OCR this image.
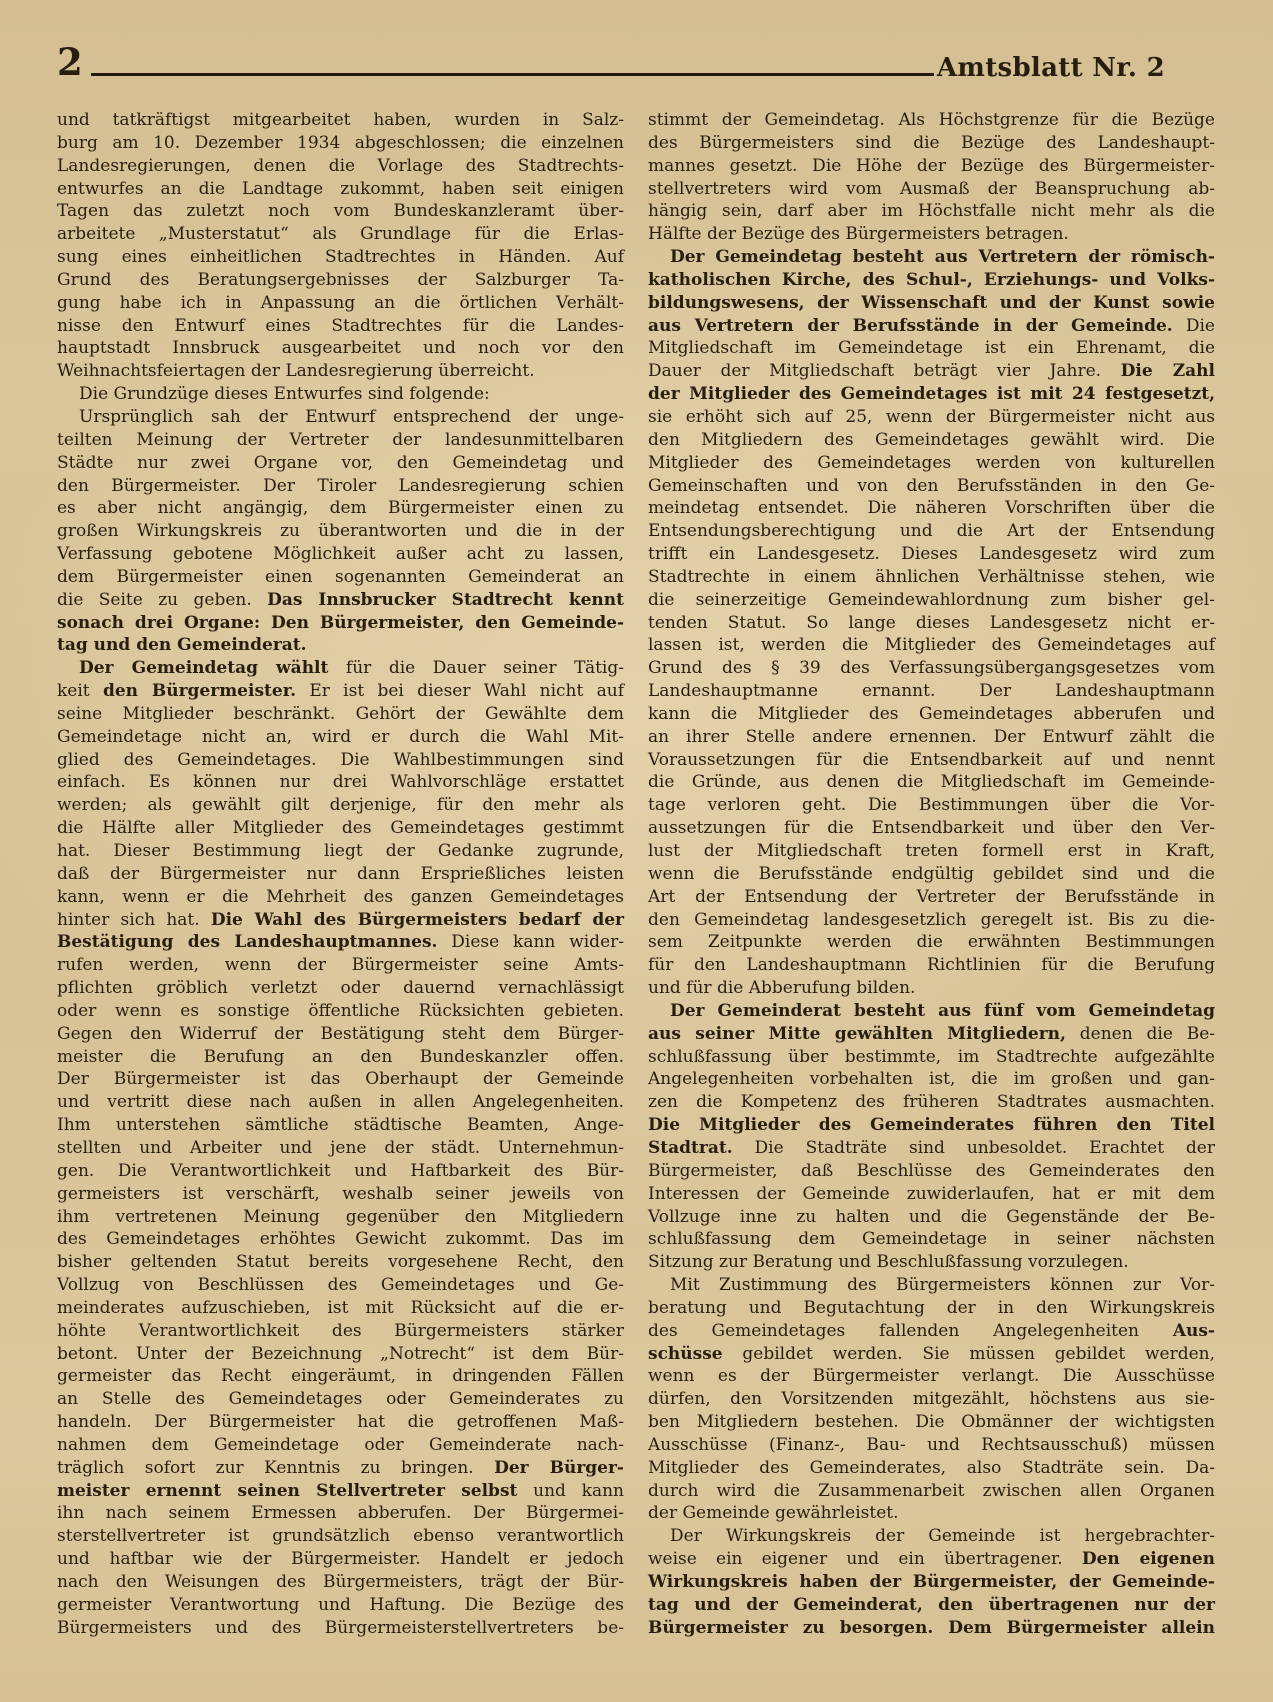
2	Amtsblatt Nr. 2
und tatkräftigst mitgearbeitet haben, wurden in Salz-
burg am 10. Dezember 1934 abgeschlossen; die einzelnen
Landesregierungen, denen die Vorlage des Stadtrechts-
entwurfes an die Landtage zukommt, haben seit einigen
Tagen das zuletzt noch vom Bundeskanzleramt über-
arbeitete „Musterstatut“ als Grundlage für die Erlas-
sung eines einheitlichen Stadtrechtes in Händen. Auf
Grund des Beratungsergebnisses der Salzburger Ta-
gung habe ich in Anpassung an die örtlichen Verhält-
nisse den Entwurf eines Stadtrechtes für die Landes-
hauptstadt Innsbruck ausgearbeitet und noch vor den
Weihnachtsfeiertagen der Landesregierung überreicht.
Die Grundzüge dieses Entwurfes sind folgende:
Ursprünglich sah der Entwurf entsprechend der unge-
teilten Meinung der Vertreter der landesunmittelbaren
Städte nur zwei Organe vor, den Gemeindetag und
den Bürgermeister. Der Tiroler Landesregierung schien
es aber nicht angängig, dem Bürgermeister einen zu
großen Wirkungskreis zu überantworten und die in der
Verfassung gebotene Möglichkeit außer acht zu lassen,
dem Bürgermeister einen sogenannten Gemeinderat an
die Seite zu geben. Das Innsbrucker Stadtrecht kennt
sonach drei Organe: Den Bürgermeister, den Gemeinde-
tag und den Gemeinderat.
Der Gemeindetag wählt für die Dauer seiner Tätig-
keit den Bürgermeister. Er ist bei dieser Wahl nicht auf
seine Mitglieder beschränkt. Gehört der Gewählte dem
Gemeindetage nicht an, wird er durch die Wahl Mit-
glied des Gemeindetages. Die Wahlbestimmungen sind
einfach. Es können nur drei Wahlvorschläge erstattet
werden; als gewählt gilt derjenige, für den mehr als
die Hälfte aller Mitglieder des Gemeindetages gestimmt
hat. Dieser Bestimmung liegt der Gedanke zugrunde,
daß der Bürgermeister nur dann Ersprießliches leisten
kann, wenn er die Mehrheit des ganzen Gemeindetages
hinter sich hat. Die Wahl des Bürgermeisters bedarf der
Bestätigung des Landeshauptmannes. Diese kann wider-
rufen werden, wenn der Bürgermeister seine Amts-
pflichten gröblich verletzt oder dauernd vernachlässigt
oder wenn es sonstige öffentliche Rücksichten gebieten.
Gegen den Widerruf der Bestätigung steht dem Bürger-
meister die Berufung an den Bundeskanzler offen.
Der Bürgermeister ist das Oberhaupt der Gemeinde
und vertritt diese nach außen in allen Angelegenheiten.
Ihm unterstehen sämtliche städtische Beamten, Ange-
stellten und Arbeiter und jene der städt. Unternehmun-
gen. Die Verantwortlichkeit und Haftbarkeit des Bür-
germeisters ist verschärft, weshalb seiner jeweils von
ihm vertretenen Meinung gegenüber den Mitgliedern
des Gemeindetages erhöhtes Gewicht zukommt. Das im
bisher geltenden Statut bereits vorgesehene Recht, den
Vollzug von Beschlüssen des Gemeindetages und Ge-
meinderates aufzuschieben, ist mit Rücksicht auf die er-
höhte Verantwortlichkeit des Bürgermeisters stärker
betont. Unter der Bezeichnung „Notrecht“ ist dem Bür-
germeister das Recht eingeräumt, in dringenden Fällen
an Stelle des Gemeindetages oder Gemeinderates zu
handeln. Der Bürgermeister hat die getroffenen Maß-
nahmen dem Gemeindetage oder Gemeinderate nach-
träglich sofort zur Kenntnis zu bringen. Der Bürger-
meister ernennt seinen Stellvertreter selbst und kann
ihn nach seinem Ermessen abberufen. Der Bürgermei-
sterstellvertreter ist grundsätzlich ebenso verantwortlich
und haftbar wie der Bürgermeister. Handelt er jedoch
nach den Weisungen des Bürgermeisters, trägt der Bür-
germeister Verantwortung und Haftung. Die Bezüge des
Bürgermeisters und des Bürgermeisterstellvertreters be-
stimmt der Gemeindetag. Als Höchstgrenze für die Bezüge
des Bürgermeisters sind die Bezüge des Landeshaupt-
mannes gesetzt. Die Höhe der Bezüge des Bürgermeister-
stellvertreters wird vom Ausmaß der Beanspruchung ab-
hängig sein, darf aber im Höchstfalle nicht mehr als die
Hälfte der Bezüge des Bürgermeisters betragen.
Der Gemeindetag besteht aus Vertretern der römisch-
katholischen Kirche, des Schul-, Erziehungs- und Volks-
bildungswesens, der Wissenschaft und der Kunst sowie
aus Vertretern der Berufsstände in der Gemeinde. Die
Mitgliedschaft im Gemeindetage ist ein Ehrenamt, die
Dauer der Mitgliedschaft beträgt vier Jahre. Die Zahl
der Mitglieder des Gemeindetages ist mit 24 festgesetzt,
sie erhöht sich auf 25, wenn der Bürgermeister nicht aus
den Mitgliedern des Gemeindetages gewählt wird. Die
Mitglieder des Gemeindetages werden von kulturellen
Gemeinschaften und von den Berufsständen in den Ge-
meindetag entsendet. Die näheren Vorschriften über die
Entsendungsberechtigung und die Art der Entsendung
trifft ein Landesgesetz. Dieses Landesgesetz wird zum
Stadtrechte in einem ähnlichen Verhältnisse stehen, wie
die seinerzeitige Gemeindewahlordnung zum bisher gel-
tenden Statut. So lange dieses Landesgesetz nicht er-
lassen ist, werden die Mitglieder des Gemeindetages auf
Grund des § 39 des Verfassungsübergangsgesetzes vom
Landeshauptmanne ernannt. Der Landeshauptmann
kann die Mitglieder des Gemeindetages abberufen und
an ihrer Stelle andere ernennen. Der Entwurf zählt die
Voraussetzungen für die Entsendbarkeit auf und nennt
die Gründe, aus denen die Mitgliedschaft im Gemeinde-
tage verloren geht. Die Bestimmungen über die Vor-
aussetzungen für die Entsendbarkeit und über den Ver-
lust der Mitgliedschaft treten formell erst in Kraft,
wenn die Berufsstände endgültig gebildet sind und die
Art der Entsendung der Vertreter der Berufsstände in
den Gemeindetag landesgesetzlich geregelt ist. Bis zu die-
sem Zeitpunkte werden die erwähnten Bestimmungen
für den Landeshauptmann Richtlinien für die Berufung
und für die Abberufung bilden.
Der Gemeinderat besteht aus fünf vom Gemeindetag
aus seiner Mitte gewählten Mitgliedern, denen die Be-
schlußfassung über bestimmte, im Stadtrechte aufgezählte
Angelegenheiten vorbehalten ist, die im großen und gan-
zen die Kompetenz des früheren Stadtrates ausmachten.
Die Mitglieder des Gemeinderates führen den Titel
Stadtrat. Die Stadträte sind unbesoldet. Erachtet der
Bürgermeister, daß Beschlüsse des Gemeinderates den
Interessen der Gemeinde zuwiderlaufen, hat er mit dem
Vollzuge inne zu halten und die Gegenstände der Be-
schlußfassung dem Gemeindetage in seiner nächsten
Sitzung zur Beratung und Beschlußfassung vorzulegen.
Mit Zustimmung des Bürgermeisters können zur Vor-
beratung und Begutachtung der in den Wirkungskreis
des Gemeindetages fallenden Angelegenheiten Aus-
schüsse gebildet werden. Sie müssen gebildet werden,
wenn es der Bürgermeister verlangt. Die Ausschüsse
dürfen, den Vorsitzenden mitgezählt, höchstens aus sie-
ben Mitgliedern bestehen. Die Obmänner der wichtigsten
Ausschüsse (Finanz-, Bau- und Rechtsausschuß) müssen
Mitglieder des Gemeinderates, also Stadträte sein. Da-
durch wird die Zusammenarbeit zwischen allen Organen
der Gemeinde gewährleistet.
Der Wirkungskreis der Gemeinde ist hergebrachter-
weise ein eigener und ein übertragener. Den eigenen
Wirkungskreis haben der Bürgermeister, der Gemeinde-
tag und der Gemeinderat, den übertragenen nur der
Bürgermeister zu besorgen. Dem Bürgermeister allein
